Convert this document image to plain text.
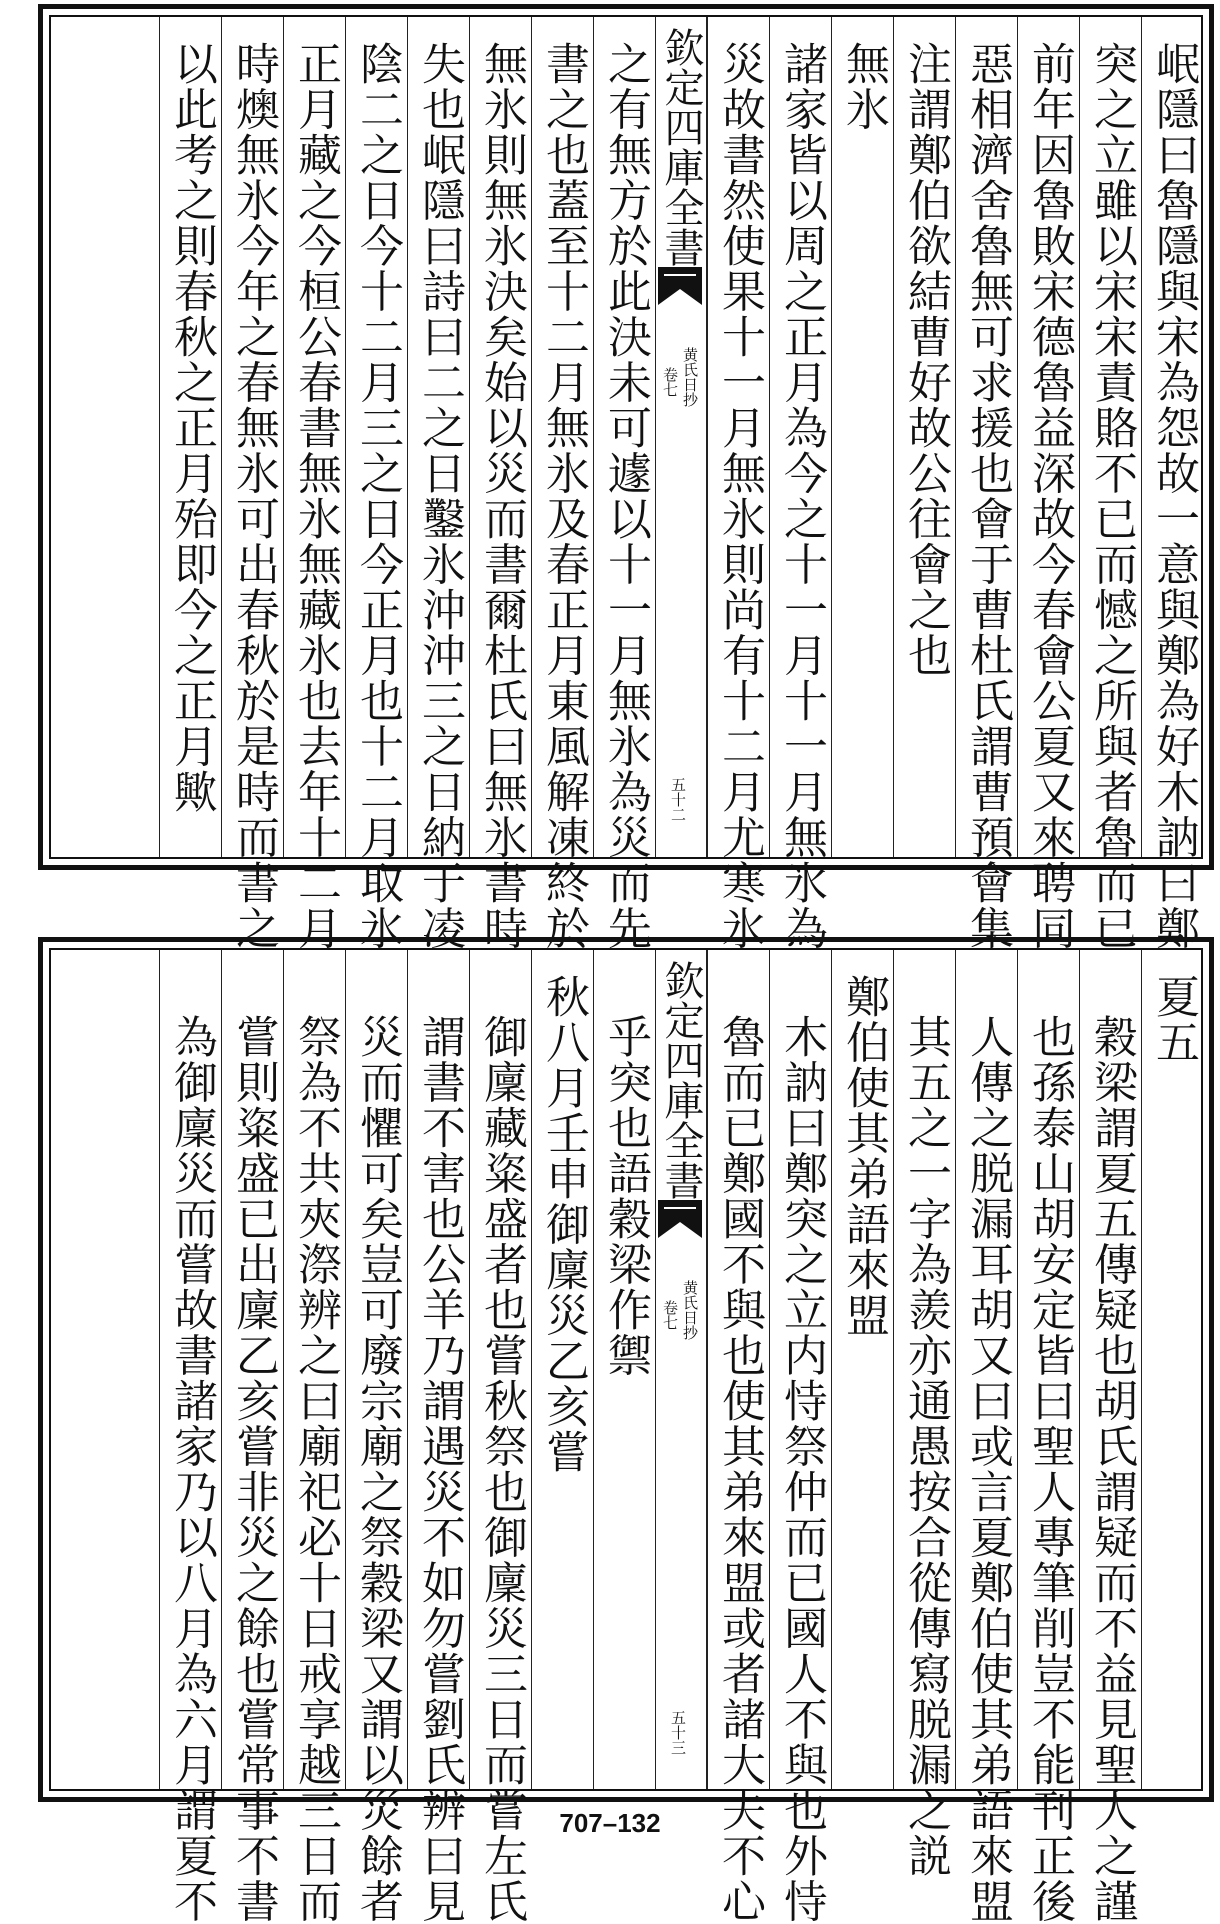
岷隱曰魯隱與宋為怨故一意與鄭為好木訥曰鄭
突之立雖以宋宋責賂不已而憾之所與者魯而已
前年因魯敗宋德魯益深故今春會公夏又來聘同
惡相濟舍魯無可求援也會于曹杜氏謂曹預會集
注謂鄭伯欲結曹好故公往會之也
無氷
諸家皆以周之正月為今之十一月十一月無氷為
災故書然使果十一月無氷則尚有十二月尤寒氷
欽定四庫全書
黄氏日抄
卷七
五十二
之有無方於此決未可遽以十一月無氷為災而先
書之也蓋至十二月無氷及春正月東風解凍終於
無氷則無氷決矣始以災而書爾杜氏曰無氷書時
失也岷隱曰詩曰二之日鑿氷沖沖三之日納于凌
陰二之日今十二月三之日今正月也十二月取氷
正月藏之今桓公春書無氷無藏氷也去年十二月
時燠無氷今年之春無氷可出春秋於是時而書之
以此考之則春秋之正月殆即今之正月歟
夏五
穀梁謂夏五傳疑也胡氏謂疑而不益見聖人之謹
也孫泰山胡安定皆曰聖人專筆削豈不能刊正後
人傳之脱漏耳胡又曰或言夏鄭伯使其弟語來盟
其五之一字為羨亦通愚按合從傳寫脱漏之説
鄭伯使其弟語來盟
木訥曰鄭突之立内恃祭仲而已國人不與也外恃
魯而已鄭國不與也使其弟來盟或者諸大夫不心
欽定四庫全書
黄氏日抄
卷七
五十三
乎突也語穀梁作禦
秋八月壬申御廩災乙亥嘗
御廩藏粢盛者也嘗秋祭也御廩災三日而嘗左氏
謂書不害也公羊乃謂遇災不如勿嘗劉氏辨曰見
災而懼可矣豈可廢宗廟之祭穀梁又謂以災餘者
祭為不共夾漈辨之曰廟祀必十日戒享越三日而
嘗則粢盛已出廩乙亥嘗非災之餘也嘗常事不書
為御廩災而嘗故書諸家乃以八月為六月謂夏不	707–132
